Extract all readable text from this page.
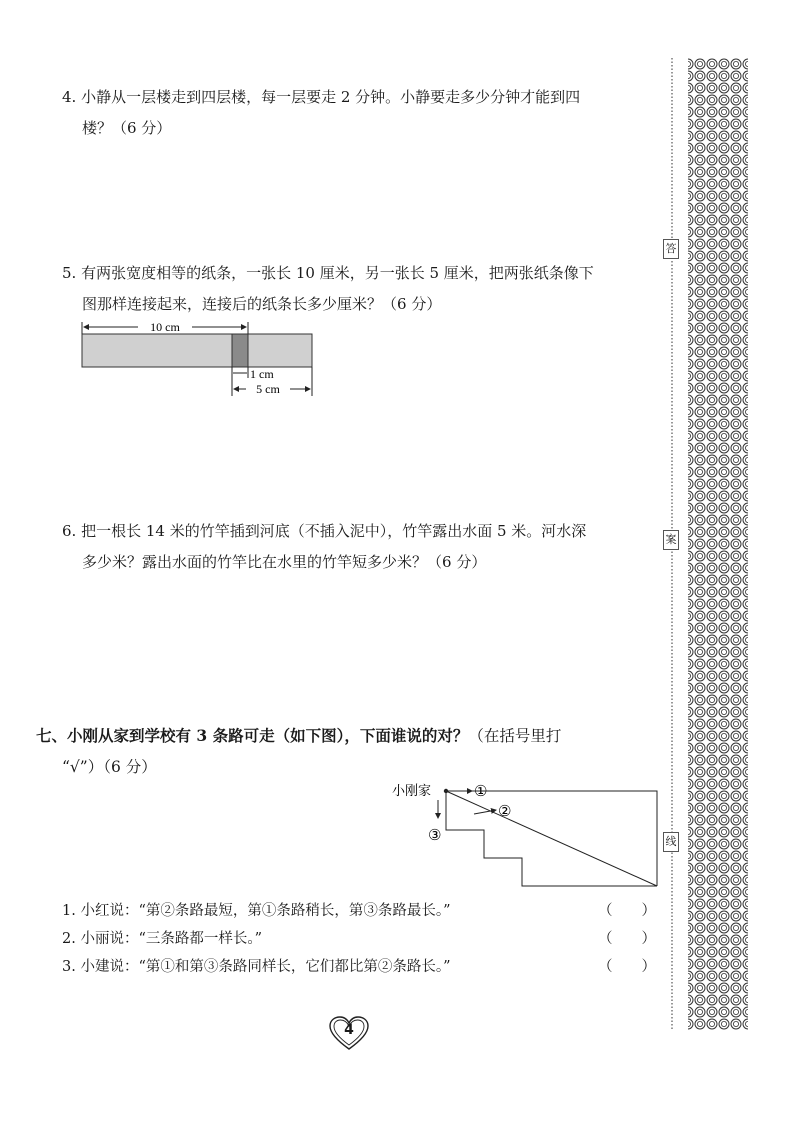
4. 小静从一层楼走到四层楼，每一层要走 2 分钟。小静要走多少分钟才能到四
楼？（6 分）
5. 有两张宽度相等的纸条，一张长 10 厘米，另一张长 5 厘米，把两张纸条像下
图那样连接起来，连接后的纸条长多少厘米？（6 分）
10 cm
1 cm
5 cm
6. 把一根长 14 米的竹竿插到河底（不插入泥中），竹竿露出水面 5 米。河水深
多少米？露出水面的竹竿比在水里的竹竿短多少米？（6 分）
七、小刚从家到学校有 3 条路可走（如下图），下面谁说的对？（在括号里打
“√”）（6 分）
小刚家	①
②
③
1. 小红说：“第②条路最短，第①条路稍长，第③条路最长。”	（　　）
2. 小丽说：“三条路都一样长。”	（　　）
3. 小建说：“第①和第③条路同样长，它们都比第②条路长。”	（　　）
答
案
线
4
